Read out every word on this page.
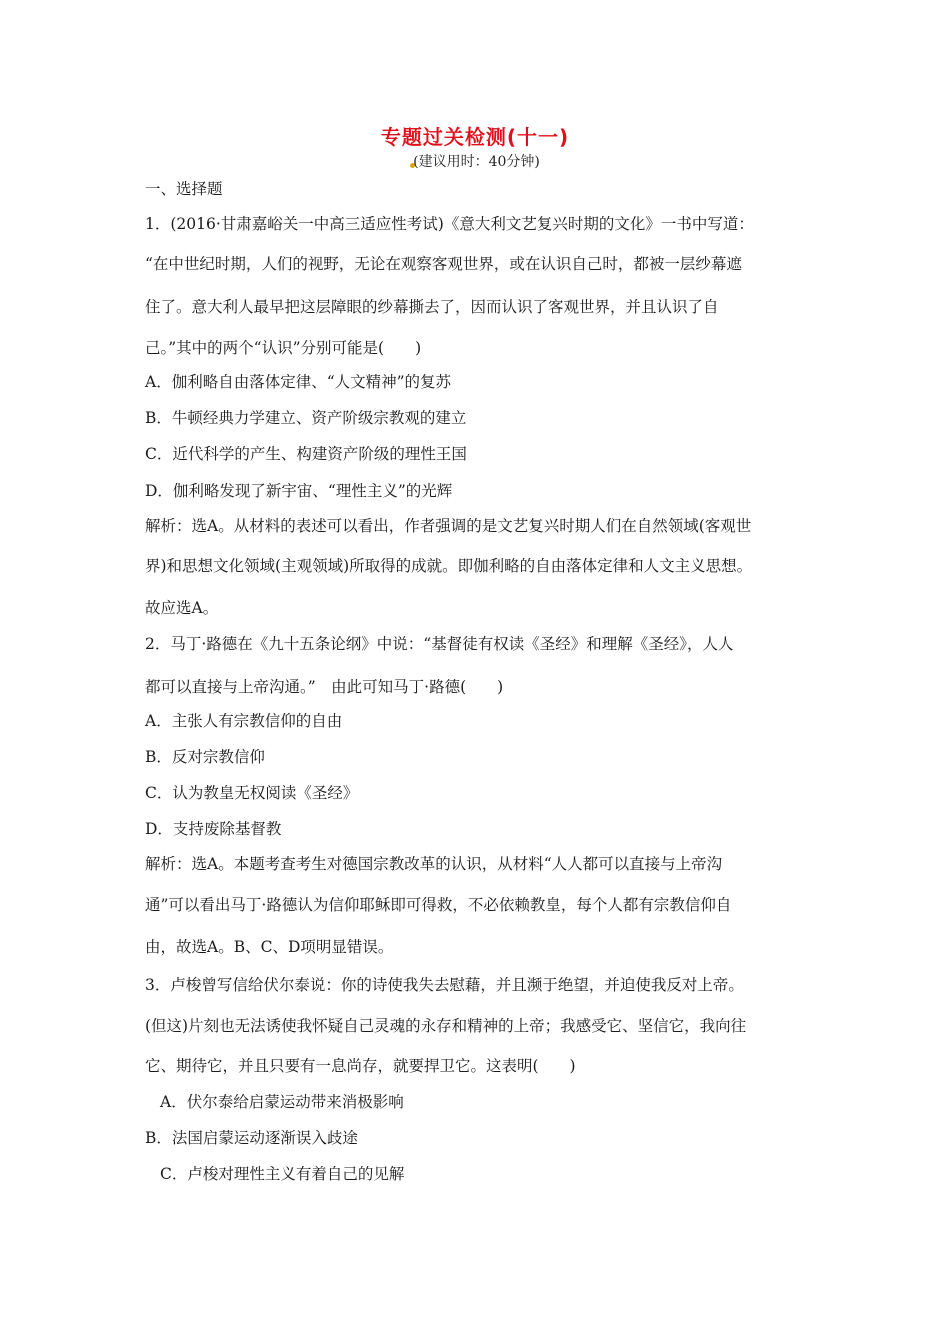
专题过关检测(十一)
(建议用时：40分钟)
一、选择题
1．(2016·甘肃嘉峪关一中高三适应性考试)《意大利文艺复兴时期的文化》一书中写道：
“在中世纪时期，人们的视野，无论在观察客观世界，或在认识自己时，都被一层纱幕遮
住了。意大利人最早把这层障眼的纱幕撕去了，因而认识了客观世界，并且认识了自
己。”其中的两个“认识”分别可能是(　　)
A．伽利略自由落体定律、“人文精神”的复苏
B．牛顿经典力学建立、资产阶级宗教观的建立
C．近代科学的产生、构建资产阶级的理性王国
D．伽利略发现了新宇宙、“理性主义”的光辉
解析：选A。从材料的表述可以看出，作者强调的是文艺复兴时期人们在自然领域(客观世
界)和思想文化领域(主观领域)所取得的成就。即伽利略的自由落体定律和人文主义思想。
故应选A。
2．马丁·路德在《九十五条论纲》中说：“基督徒有权读《圣经》和理解《圣经》，人人
都可以直接与上帝沟通。”　由此可知马丁·路德(　　)
A．主张人有宗教信仰的自由
B．反对宗教信仰
C．认为教皇无权阅读《圣经》
D．支持废除基督教
解析：选A。本题考查考生对德国宗教改革的认识，从材料“人人都可以直接与上帝沟
通”可以看出马丁·路德认为信仰耶稣即可得救，不必依赖教皇，每个人都有宗教信仰自
由，故选A。B、C、D项明显错误。
3．卢梭曾写信给伏尔泰说：你的诗使我失去慰藉，并且濒于绝望，并迫使我反对上帝。
(但这)片刻也无法诱使我怀疑自己灵魂的永存和精神的上帝；我感受它、坚信它，我向往
它、期待它，并且只要有一息尚存，就要捍卫它。这表明(　　)
A．伏尔泰给启蒙运动带来消极影响
B．法国启蒙运动逐渐误入歧途
C．卢梭对理性主义有着自己的见解
